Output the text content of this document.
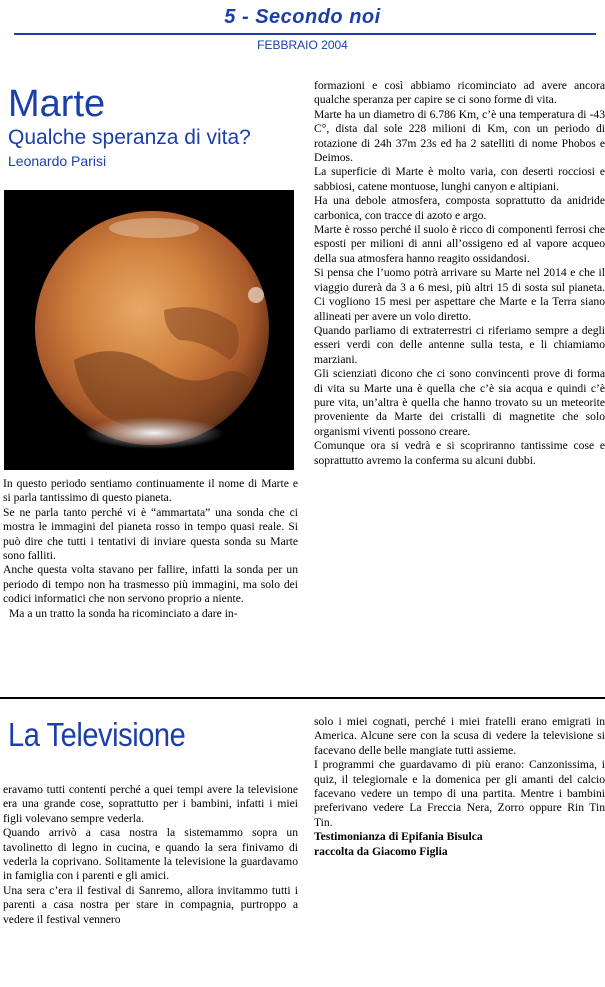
5 - Secondo noi
FEBBRAIO 2004
Marte
Qualche speranza di vita?
Leonardo Parisi

In questo periodo sentiamo continuamente il nome di Marte e si parla tantissimo di questo pianeta.

Se ne parla tanto perché vi è “ammartata” una sonda che ci mostra le immagini del pianeta rosso in tempo quasi reale. Si può dire che tutti i tentativi di inviare questa sonda su Marte sono falliti.

Anche questa volta stavano per fallire, infatti la sonda per un periodo di tempo non ha trasmesso più immagini, ma solo dei codici informatici che non servono proprio a niente.

Ma a un tratto la sonda ha ricominciato a dare in-

formazioni e così abbiamo ricominciato ad avere ancora qualche speranza per capire se ci sono forme di vita.

Marte ha un diametro di 6.786 Km, c’è una temperatura di -43 C°, dista dal sole 228 milioni di Km, con un periodo di rotazione di 24h 37m 23s ed ha 2 satelliti di nome Phobos e Deimos.

La superficie di Marte è molto varia, con deserti rocciosi e sabbiosi, catene montuose, lunghi canyon e altipiani.

Ha una debole atmosfera, composta soprattutto da anidride carbonica, con tracce di azoto e argo.

Marte è rosso perché il suolo è ricco di componenti ferrosi che esposti per milioni di anni all’ossigeno ed al vapore acqueo della sua atmosfera hanno reagito ossidandosi.

Si pensa che l’uomo potrà arrivare su Marte nel 2014 e che il viaggio durerà da 3 a 6 mesi, più altri 15 di sosta sul pianeta. Ci vogliono 15 mesi per aspettare che Marte e la Terra siano allineati per avere un volo diretto.

Quando parliamo di extraterrestri ci riferiamo sempre a degli esseri verdi con delle antenne sulla testa, e li chiamiamo marziani.

Gli scienziati dicono che ci sono convincenti prove di forma di vita su Marte una è quella che c’è sia acqua e quindi c’è pure vita, un’altra è quella che hanno trovato su un meteorite proveniente da Marte dei cristalli di magnetite che solo organismi viventi possono creare.

Comunque ora si vedrà e si scopriranno tantissime cose e soprattutto avremo la conferma su alcuni dubbi.

La Televisione

eravamo tutti contenti perché a quei tempi avere la televisione era una grande cose, soprattutto per i bambini, infatti i miei figli volevano sempre vederla.

Quando arrivò a casa nostra la sistemammo sopra un tavolinetto di legno in cucina, e quando la sera finivamo di vederla la coprivano. Solitamente la televisione la guardavamo in famiglia con i parenti e gli amici.

Una sera c’era il festival di Sanremo, allora invitammo tutti i parenti a casa nostra per stare in compagnia, purtroppo a vedere il festival vennero

solo i miei cognati, perché i miei fratelli erano emigrati in America. Alcune sere con la scusa di vedere la televisione si facevano delle belle mangiate tutti assieme.

I programmi che guardavamo di più erano: Canzonissima, i quiz, il telegiornale e la domenica per gli amanti del calcio facevano vedere un tempo di una partita. Mentre i bambini preferivano vedere La Freccia Nera, Zorro oppure Rin Tin Tin.

Testimonianza di Epifania Bisulca

raccolta da Giacomo Figlia
